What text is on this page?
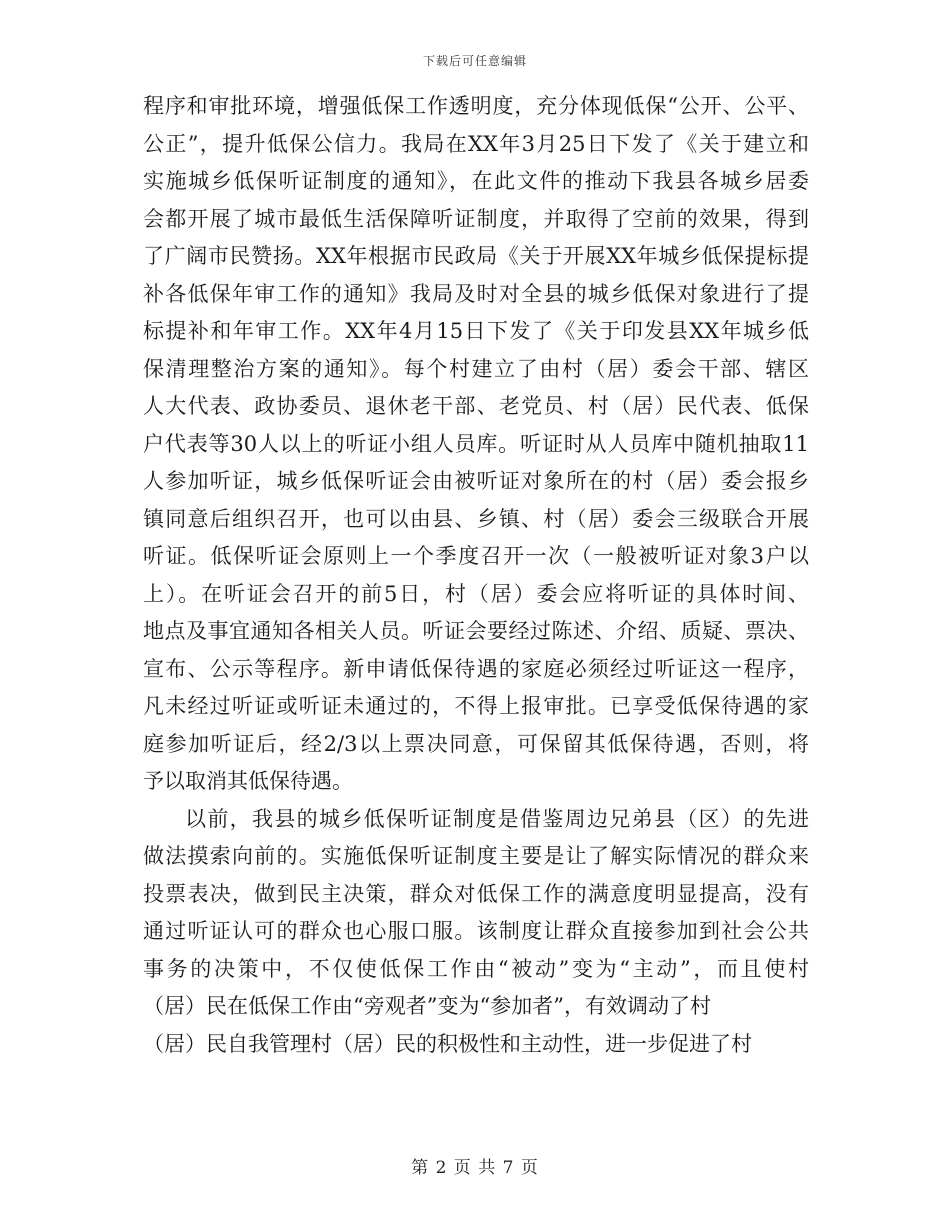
下载后可任意编辑
程序和审批环境，增强低保工作透明度，充分体现低保“公开、公平、
公正”，提升低保公信力。我局在XX年3月25日下发了《关于建立和
实施城乡低保听证制度的通知》，在此文件的推动下我县各城乡居委
会都开展了城市最低生活保障听证制度，并取得了空前的效果，得到
了广阔市民赞扬。XX年根据市民政局《关于开展XX年城乡低保提标提
补各低保年审工作的通知》我局及时对全县的城乡低保对象进行了提
标提补和年审工作。XX年4月15日下发了《关于印发县XX年城乡低
保清理整治方案的通知》。每个村建立了由村（居）委会干部、辖区
人大代表、政协委员、退休老干部、老党员、村（居）民代表、低保
户代表等30人以上的听证小组人员库。听证时从人员库中随机抽取11
人参加听证，城乡低保听证会由被听证对象所在的村（居）委会报乡
镇同意后组织召开，也可以由县、乡镇、村（居）委会三级联合开展
听证。低保听证会原则上一个季度召开一次（一般被听证对象3户以
上）。在听证会召开的前5日，村（居）委会应将听证的具体时间、
地点及事宜通知各相关人员。听证会要经过陈述、介绍、质疑、票决、
宣布、公示等程序。新申请低保待遇的家庭必须经过听证这一程序，
凡未经过听证或听证未通过的，不得上报审批。已享受低保待遇的家
庭参加听证后，经2/3以上票决同意，可保留其低保待遇，否则，将
予以取消其低保待遇。
以前，我县的城乡低保听证制度是借鉴周边兄弟县（区）的先进
做法摸索向前的。实施低保听证制度主要是让了解实际情况的群众来
投票表决，做到民主决策，群众对低保工作的满意度明显提高，没有
通过听证认可的群众也心服口服。该制度让群众直接参加到社会公共
事务的决策中，不仅使低保工作由“被动”变为“主动”，而且使村
（居）民在低保工作由“旁观者”变为“参加者”，有效调动了村
（居）民自我管理村（居）民的积极性和主动性，进一步促进了村
第 2 页 共 7 页
